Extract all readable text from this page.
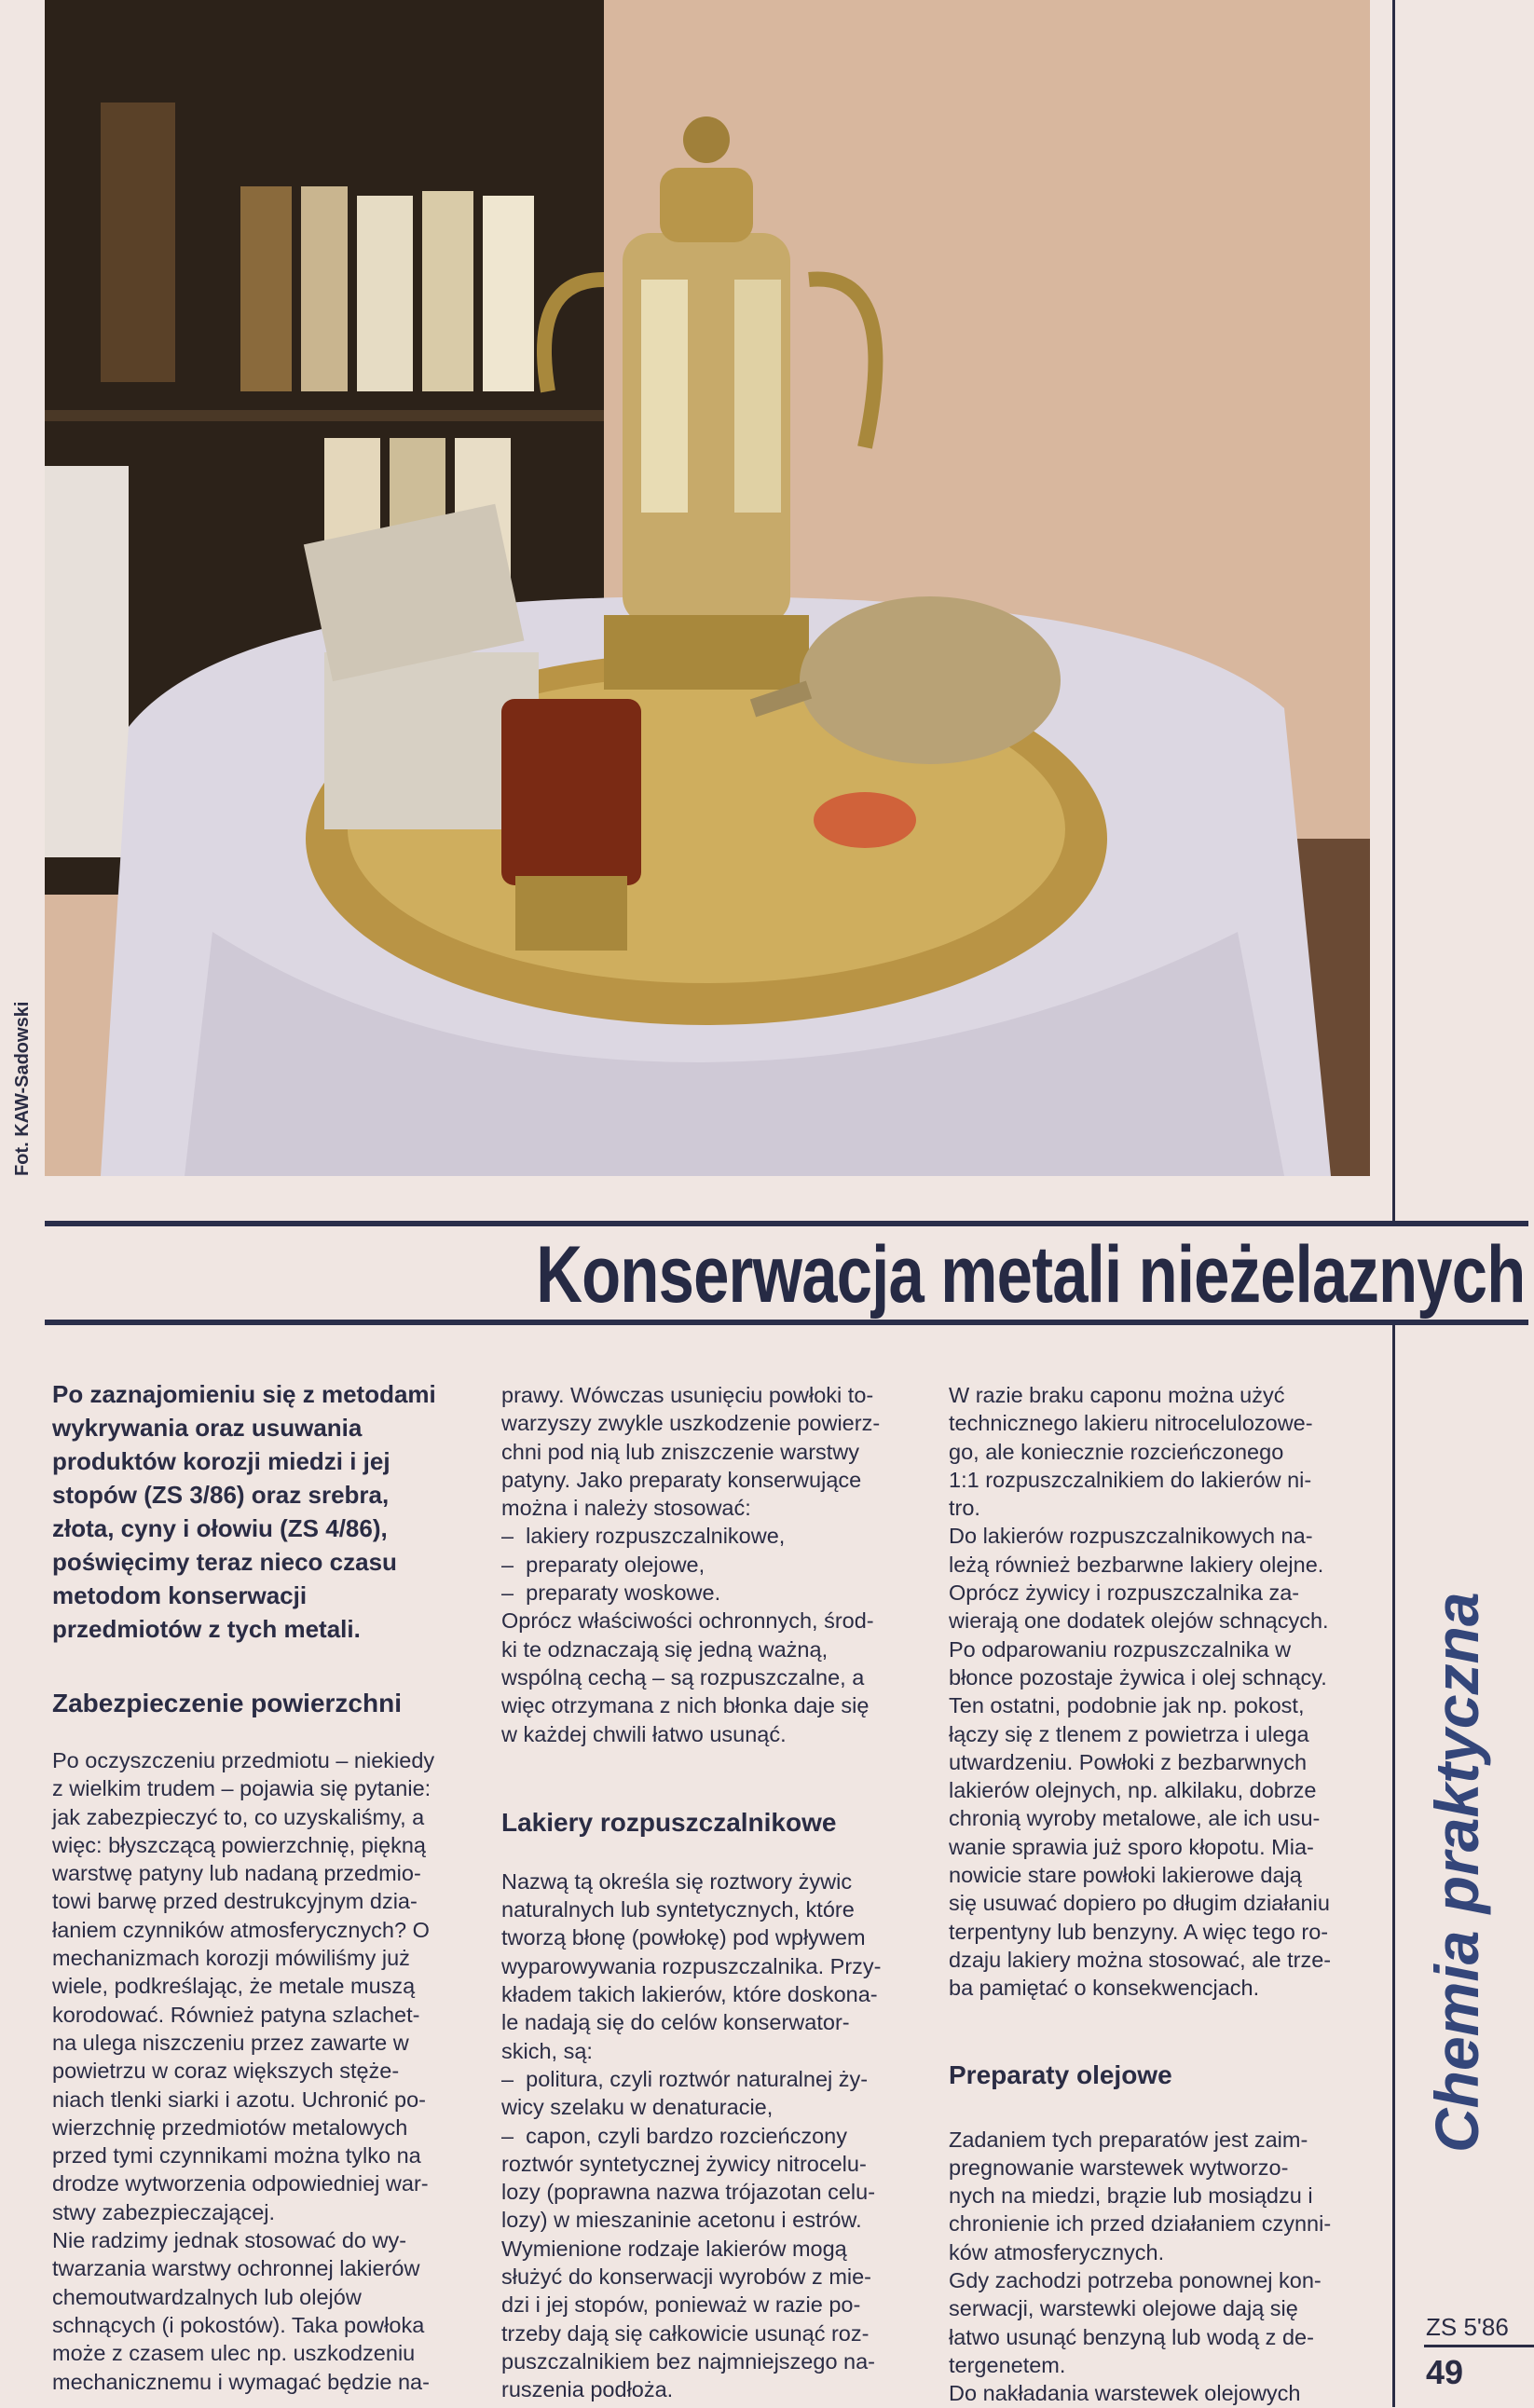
Fot. KAW-Sadowski
Konserwacja metali nieżelaznych

Po zaznajomieniu się z metodami
wykrywania oraz usuwania
produktów korozji miedzi i jej
stopów (ZS 3/86) oraz srebra,
złota, cyny i ołowiu (ZS 4/86),
poświęcimy teraz nieco czasu
metodom konserwacji
przedmiotów z tych metali.

Zabezpieczenie powierzchni

Po oczyszczeniu przedmiotu – niekiedy
z wielkim trudem – pojawia się pytanie:
jak zabezpieczyć to, co uzyskaliśmy, a
więc: błyszczącą powierzchnię, piękną
warstwę patyny lub nadaną przedmio-
towi barwę przed destrukcyjnym dzia-
łaniem czynników atmosferycznych? O
mechanizmach korozji mówiliśmy już
wiele, podkreślając, że metale muszą
korodować. Również patyna szlachet-
na ulega niszczeniu przez zawarte w
powietrzu w coraz większych stęże-
niach tlenki siarki i azotu. Uchronić po-
wierzchnię przedmiotów metalowych
przed tymi czynnikami można tylko na
drodze wytworzenia odpowiedniej war-
stwy zabezpieczającej.

Nie radzimy jednak stosować do wy-
twarzania warstwy ochronnej lakierów
chemoutwardzalnych lub olejów
schnących (i pokostów). Taka powłoka
może z czasem ulec np. uszkodzeniu
mechanicznemu i wymagać będzie na-

prawy. Wówczas usunięciu powłoki to-
warzyszy zwykle uszkodzenie powierz-
chni pod nią lub zniszczenie warstwy
patyny. Jako preparaty konserwujące
można i należy stosować:
–  lakiery rozpuszczalnikowe,
–  preparaty olejowe,
–  preparaty woskowe.
Oprócz właściwości ochronnych, środ-
ki te odznaczają się jedną ważną,
wspólną cechą – są rozpuszczalne, a
więc otrzymana z nich błonka daje się
w każdej chwili łatwo usunąć.

Lakiery rozpuszczalnikowe

Nazwą tą określa się roztwory żywic
naturalnych lub syntetycznych, które
tworzą błonę (powłokę) pod wpływem
wyparowywania rozpuszczalnika. Przy-
kładem takich lakierów, które doskona-
le nadają się do celów konserwator-
skich, są:
–  politura, czyli roztwór naturalnej ży-
wicy szelaku w denaturacie,
–  capon, czyli bardzo rozcieńczony
roztwór syntetycznej żywicy nitrocelu-
lozy (poprawna nazwa trójazotan celu-
lozy) w mieszaninie acetonu i estrów.
Wymienione rodzaje lakierów mogą
służyć do konserwacji wyrobów z mie-
dzi i jej stopów, ponieważ w razie po-
trzeby dają się całkowicie usunąć roz-
puszczalnikiem bez najmniejszego na-
ruszenia podłoża.

W razie braku caponu można użyć
technicznego lakieru nitrocelulozowe-
go, ale koniecznie rozcieńczonego
1:1 rozpuszczalnikiem do lakierów ni-
tro.
Do lakierów rozpuszczalnikowych na-
leżą również bezbarwne lakiery olejne.
Oprócz żywicy i rozpuszczalnika za-
wierają one dodatek olejów schnących.
Po odparowaniu rozpuszczalnika w
błonce pozostaje żywica i olej schnący.
Ten ostatni, podobnie jak np. pokost,
łączy się z tlenem z powietrza i ulega
utwardzeniu. Powłoki z bezbarwnych
lakierów olejnych, np. alkilaku, dobrze
chronią wyroby metalowe, ale ich usu-
wanie sprawia już sporo kłopotu. Mia-
nowicie stare powłoki lakierowe dają
się usuwać dopiero po długim działaniu
terpentyny lub benzyny. A więc tego ro-
dzaju lakiery można stosować, ale trze-
ba pamiętać o konsekwencjach.

Preparaty olejowe

Zadaniem tych preparatów jest zaim-
pregnowanie warstewek wytworzo-
nych na miedzi, brązie lub mosiądzu i
chronienie ich przed działaniem czynni-
ków atmosferycznych.
Gdy zachodzi potrzeba ponownej kon-
serwacji, warstewki olejowe dają się
łatwo usunąć benzyną lub wodą z de-
tergenetem.
Do nakładania warstewek olejowych

Chemia praktyczna
ZS 5'86
49
